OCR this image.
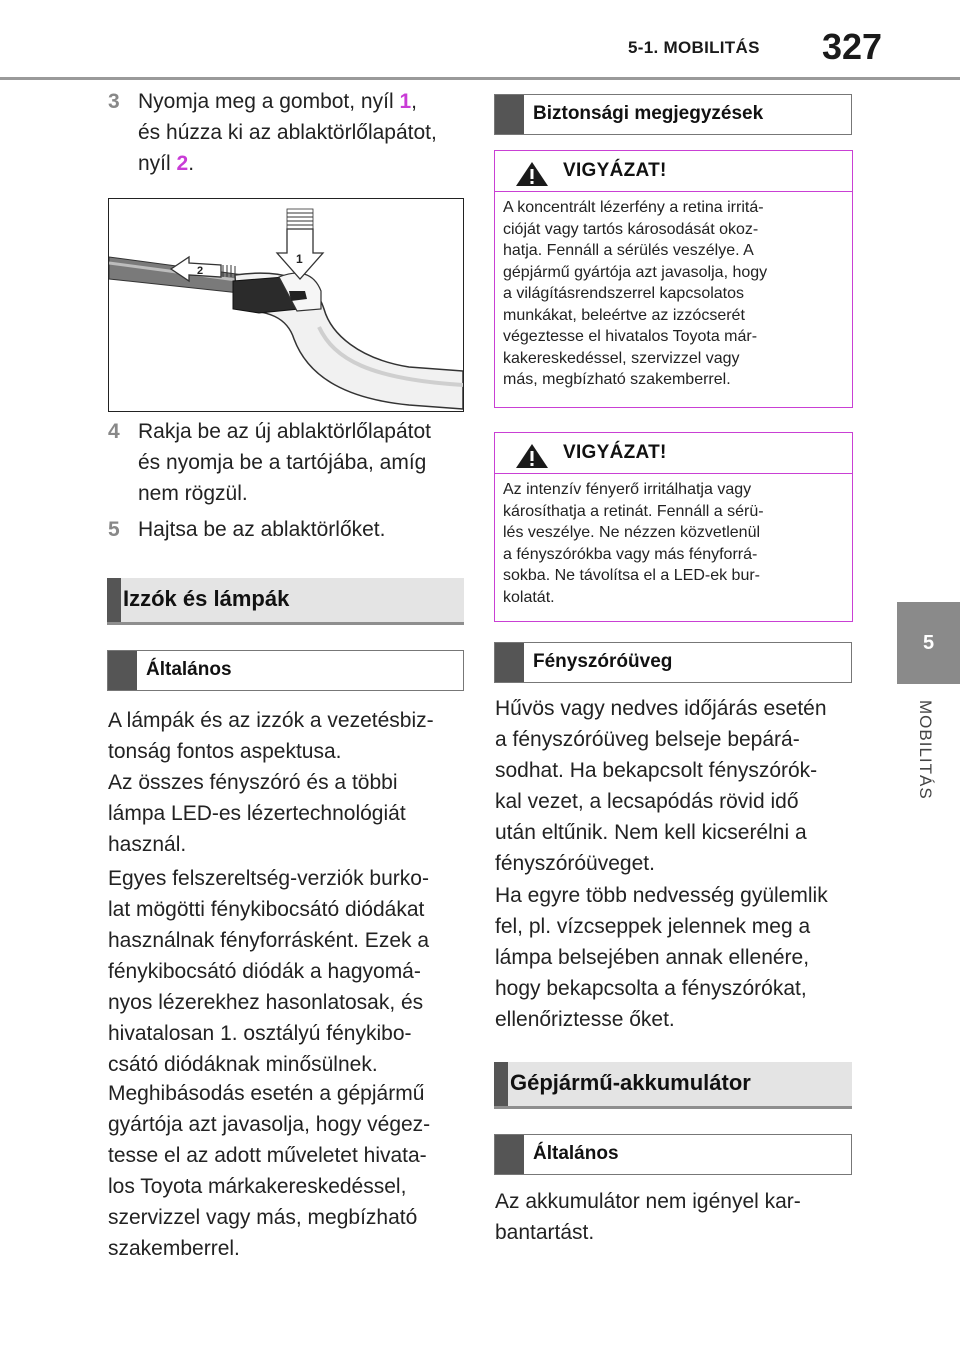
5-1. MOBILITÁS 327
5
MOBILITÁS
3 Nyomja meg a gombot, nyíl 1,
és húzza ki az ablaktörlőlapátot,
nyíl 2.
2
1
4 Rakja be az új ablaktörlőlapátot
és nyomja be a tartójába, amíg
nem rögzül.
5 Hajtsa be az ablaktörlőket.
Izzók és lámpák
Általános
A lámpák és az izzók a vezetésbiz-
tonság fontos aspektusa.
Az összes fényszóró és a többi
lámpa LED-es lézertechnológiát
használ.
Egyes felszereltség-verziók burko-
lat mögötti fénykibocsátó diódákat
használnak fényforrásként. Ezek a
fénykibocsátó diódák a hagyomá-
nyos lézerekhez hasonlatosak, és
hivatalosan 1. osztályú fénykibo-
csátó diódáknak minősülnek.
Meghibásodás esetén a gépjármű
gyártója azt javasolja, hogy végez-
tesse el az adott műveletet hivata-
los Toyota márkakereskedéssel,
szervizzel vagy más, megbízható
szakemberrel.
Biztonsági megjegyzések
VIGYÁZAT!
A koncentrált lézerfény a retina irritá-
cióját vagy tartós károsodását okoz-
hatja. Fennáll a sérülés veszélye. A
gépjármű gyártója azt javasolja, hogy
a világításrendszerrel kapcsolatos
munkákat, beleértve az izzócserét
végeztesse el hivatalos Toyota már-
kakereskedéssel, szervizzel vagy
más, megbízható szakemberrel.
VIGYÁZAT!
Az intenzív fényerő irritálhatja vagy
károsíthatja a retinát. Fennáll a sérü-
lés veszélye. Ne nézzen közvetlenül
a fényszórókba vagy más fényforrá-
sokba. Ne távolítsa el a LED-ek bur-
kolatát.
Fényszóróüveg
Hűvös vagy nedves időjárás esetén
a fényszóróüveg belseje bepárá-
sodhat. Ha bekapcsolt fényszórók-
kal vezet, a lecsapódás rövid idő
után eltűnik. Nem kell kicserélni a
fényszóróüveget.
Ha egyre több nedvesség gyülemlik
fel, pl. vízcseppek jelennek meg a
lámpa belsejében annak ellenére,
hogy bekapcsolta a fényszórókat,
ellenőriztesse őket.
Gépjármű-akkumulátor
Általános
Az akkumulátor nem igényel kar-
bantartást.
